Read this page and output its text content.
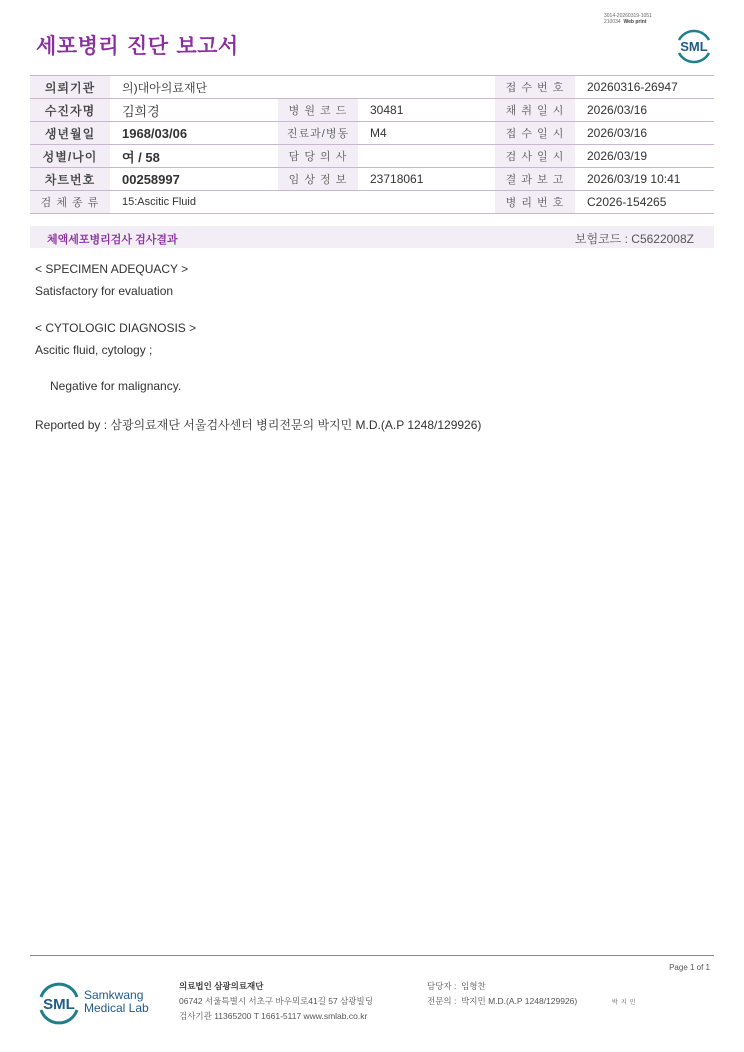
3014-20260319-1051
210034 Web print
세포병리 진단 보고서	SML
의뢰기관	의)대아의료재단			접 수 번 호	20260316-26947
수진자명	김희경	병 원 코 드	30481	채 취 일 시	2026/03/16
생년월일	1968/03/06	진료과/병동	M4	접 수 일 시	2026/03/16
성별/나이	여 / 58	담 당 의 사		검 사 일 시	2026/03/19
차트번호	00258997	임 상 정 보	23718061	결 과 보 고	2026/03/19 10:41
검 체 종 류	15:Ascitic Fluid			병 리 번 호	C2026-154265
체액세포병리검사 검사결과	보험코드 : C5622008Z
< SPECIMEN ADEQUACY >
Satisfactory for evaluation
< CYTOLOGIC DIAGNOSIS >
Ascitic fluid, cytology ;
Negative for malignancy.
Reported by : 삼광의료재단 서울검사센터 병리전문의 박지민 M.D.(A.P 1248/129926)
Page 1 of 1
SML
Samkwang
Medical Lab
의료법인 삼광의료재단
06742 서울특별시 서초구 바우뫼로41길 57 삼광빌딩
검사기관 11365200 T 1661-5117 www.smlab.co.kr
담당자 : 임형찬
전문의 : 박지민 M.D.(A.P 1248/129926)	박지민
